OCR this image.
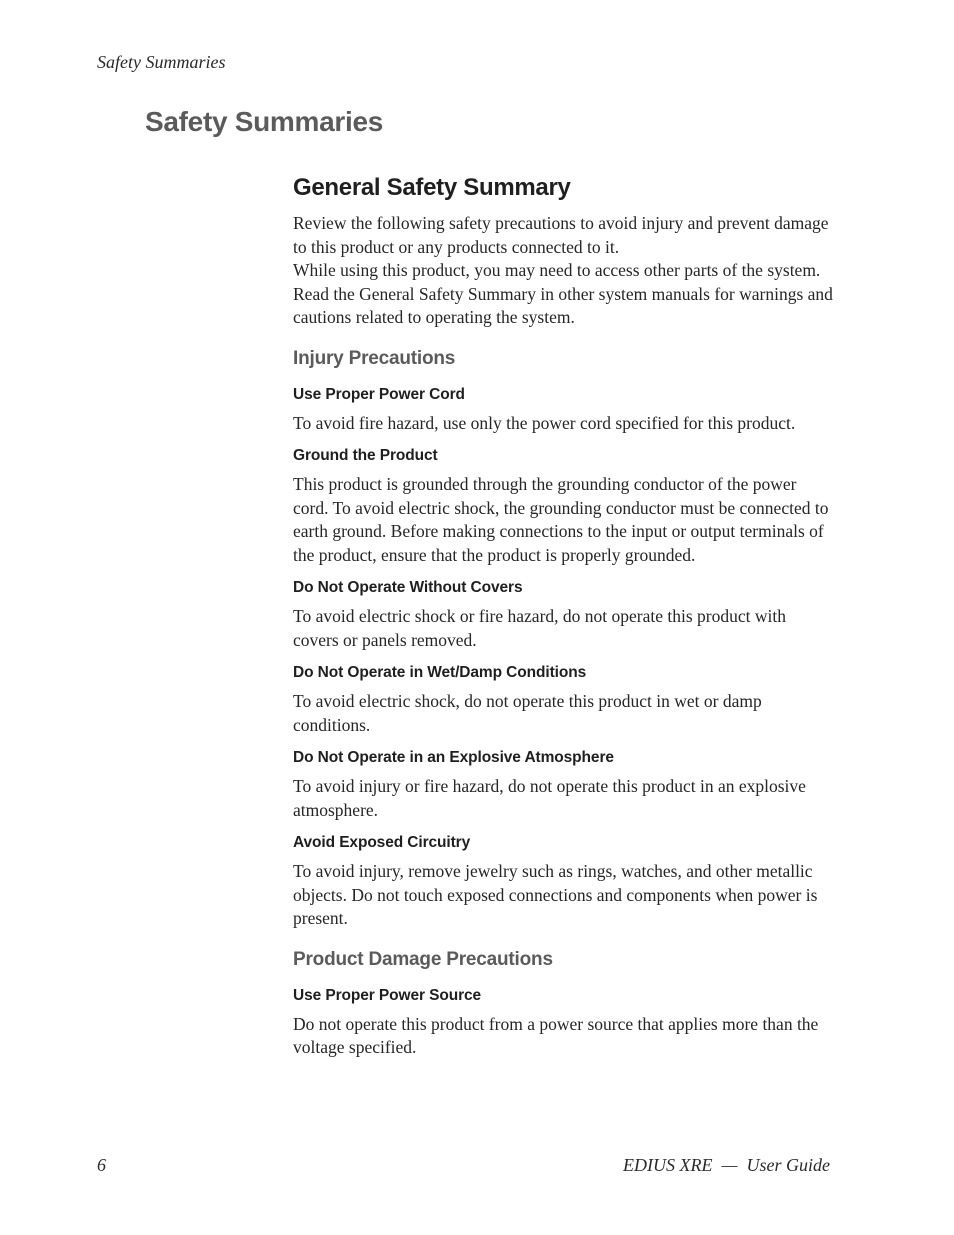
Safety Summaries
Safety Summaries
General Safety Summary

Review the following safety precautions to avoid injury and prevent damage to this product or any products connected to it.

While using this product, you may need to access other parts of the system. Read the General Safety Summary in other system manuals for warnings and cautions related to operating the system.

Injury Precautions
Use Proper Power Cord

To avoid fire hazard, use only the power cord specified for this product.

Ground the Product

This product is grounded through the grounding conductor of the power cord. To avoid electric shock, the grounding conductor must be connected to earth ground. Before making connections to the input or output terminals of the product, ensure that the product is properly grounded.

Do Not Operate Without Covers

To avoid electric shock or fire hazard, do not operate this product with covers or panels removed.

Do Not Operate in Wet/Damp Conditions

To avoid electric shock, do not operate this product in wet or damp conditions.

Do Not Operate in an Explosive Atmosphere

To avoid injury or fire hazard, do not operate this product in an explosive atmosphere.

Avoid Exposed Circuitry

To avoid injury, remove jewelry such as rings, watches, and other metallic objects. Do not touch exposed connections and components when power is present.

Product Damage Precautions
Use Proper Power Source

Do not operate this product from a power source that applies more than the voltage specified.

6	EDIUS XRE  —  User Guide
